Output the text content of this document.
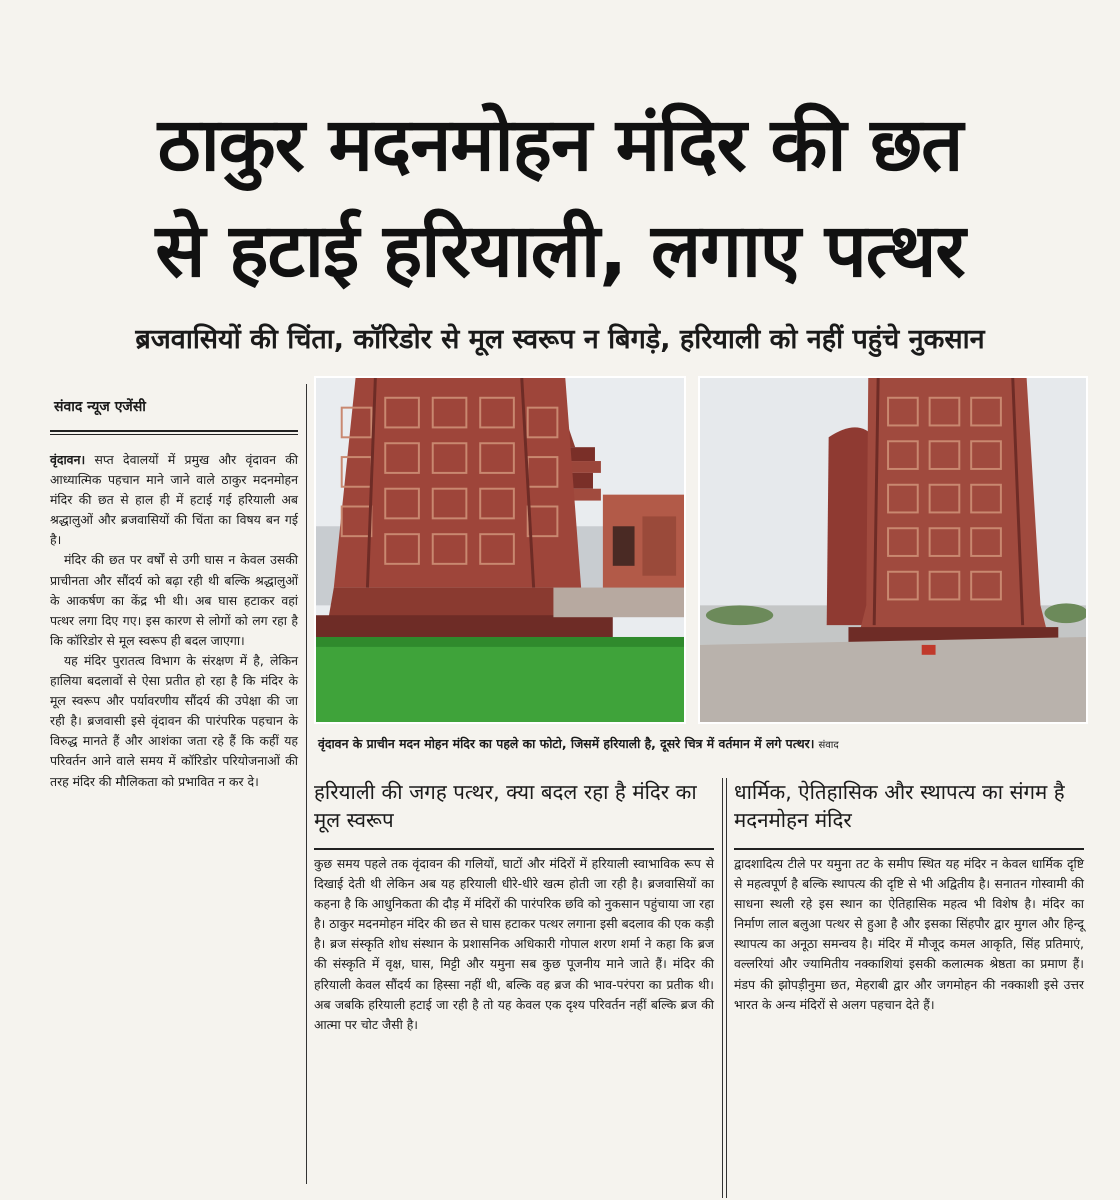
ठाकुर मदनमोहन मंदिर की छत
से हटाई हरियाली, लगाए पत्थर
ब्रजवासियों की चिंता, कॉरिडोर से मूल स्वरूप न बिगड़े, हरियाली को नहीं पहुंचे नुकसान
संवाद न्यूज एजेंसी

वृंदावन। सप्त देवालयों में प्रमुख और वृंदावन की आध्यात्मिक पहचान माने जाने वाले ठाकुर मदनमोहन मंदिर की छत से हाल ही में हटाई गई हरियाली अब श्रद्धालुओं और ब्रजवासियों की चिंता का विषय बन गई है।

मंदिर की छत पर वर्षों से उगी घास न केवल उसकी प्राचीनता और सौंदर्य को बढ़ा रही थी बल्कि श्रद्धालुओं के आकर्षण का केंद्र भी थी। अब घास हटाकर वहां पत्थर लगा दिए गए। इस कारण से लोगों को लग रहा है कि कॉरिडोर से मूल स्वरूप ही बदल जाएगा।

यह मंदिर पुरातत्व विभाग के संरक्षण में है, लेकिन हालिया बदलावों से ऐसा प्रतीत हो रहा है कि मंदिर के मूल स्वरूप और पर्यावरणीय सौंदर्य की उपेक्षा की जा रही है। ब्रजवासी इसे वृंदावन की पारंपरिक पहचान के विरुद्ध मानते हैं और आशंका जता रहे हैं कि कहीं यह परिवर्तन आने वाले समय में कॉरिडोर परियोजनाओं की तरह मंदिर की मौलिकता को प्रभावित न कर दे।

वृंदावन के प्राचीन मदन मोहन मंदिर का पहले का फोटो, जिसमें हरियाली है, दूसरे चित्र में वर्तमान में लगे पत्थर। संवाद
हरियाली की जगह पत्थर, क्या बदल रहा है मंदिर का मूल स्वरूप
कुछ समय पहले तक वृंदावन की गलियों, घाटों और मंदिरों में हरियाली स्वाभाविक रूप से दिखाई देती थी लेकिन अब यह हरियाली धीरे-धीरे खत्म होती जा रही है। ब्रजवासियों का कहना है कि आधुनिकता की दौड़ में मंदिरों की पारंपरिक छवि को नुकसान पहुंचाया जा रहा है। ठाकुर मदनमोहन मंदिर की छत से घास हटाकर पत्थर लगाना इसी बदलाव की एक कड़ी है। ब्रज संस्कृति शोध संस्थान के प्रशासनिक अधिकारी गोपाल शरण शर्मा ने कहा कि ब्रज की संस्कृति में वृक्ष, घास, मिट्टी और यमुना सब कुछ पूजनीय माने जाते हैं। मंदिर की हरियाली केवल सौंदर्य का हिस्सा नहीं थी, बल्कि वह ब्रज की भाव-परंपरा का प्रतीक थी। अब जबकि हरियाली हटाई जा रही है तो यह केवल एक दृश्य परिवर्तन नहीं बल्कि ब्रज की आत्मा पर चोट जैसी है।
धार्मिक, ऐतिहासिक और स्थापत्य का संगम है मदनमोहन मंदिर
द्वादशादित्य टीले पर यमुना तट के समीप स्थित यह मंदिर न केवल धार्मिक दृष्टि से महत्वपूर्ण है बल्कि स्थापत्य की दृष्टि से भी अद्वितीय है। सनातन गोस्वामी की साधना स्थली रहे इस स्थान का ऐतिहासिक महत्व भी विशेष है। मंदिर का निर्माण लाल बलुआ पत्थर से हुआ है और इसका सिंहपौर द्वार मुगल और हिन्दू स्थापत्य का अनूठा समन्वय है। मंदिर में मौजूद कमल आकृति, सिंह प्रतिमाएं, वल्लरियां और ज्यामितीय नक्काशियां इसकी कलात्मक श्रेष्ठता का प्रमाण हैं। मंडप की झोपड़ीनुमा छत, मेहराबी द्वार और जगमोहन की नक्काशी इसे उत्तर भारत के अन्य मंदिरों से अलग पहचान देते हैं।
